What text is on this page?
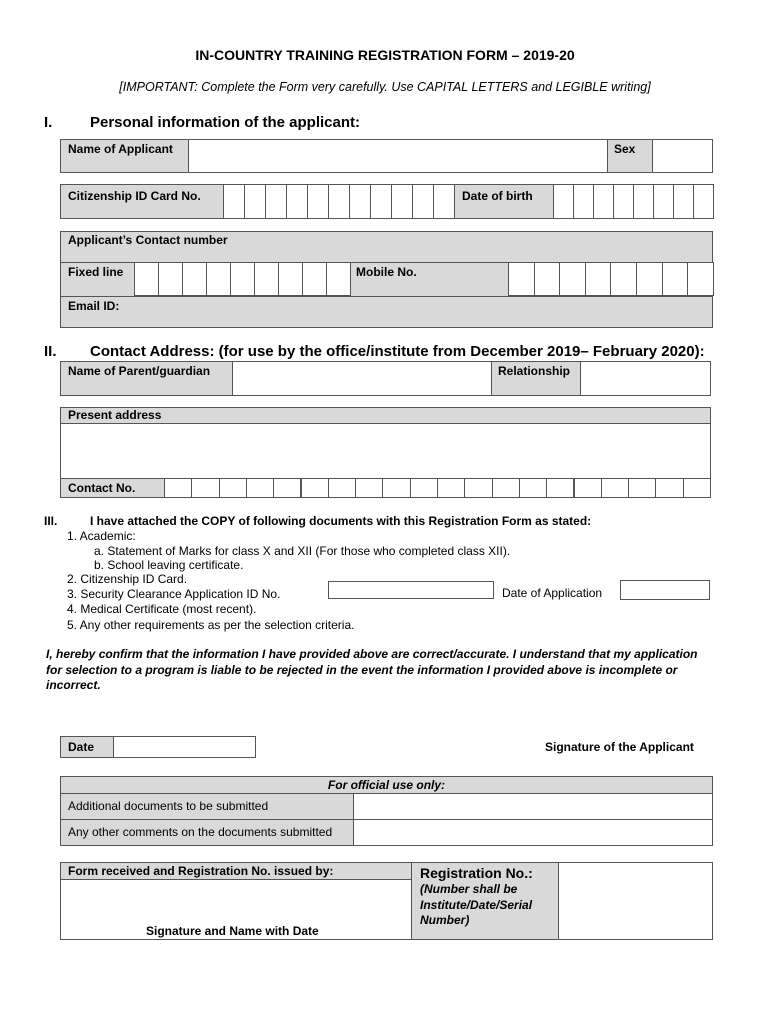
IN-COUNTRY TRAINING REGISTRATION FORM – 2019-20
[IMPORTANT: Complete the Form very carefully. Use CAPITAL LETTERS and LEGIBLE writing]
I.	Personal information of the applicant:
Name of Applicant	Sex
Citizenship ID Card No.	Date of birth
Applicant’s Contact number
Fixed line	Mobile No.
Email ID:
II. Contact Address: (for use by the office/institute from December 2019– February 2020):
Name of Parent/guardian	Relationship
Present address
Contact No.
III.	I have attached the COPY of following documents with this Registration Form as stated:
1. Academic:
a. Statement of Marks for class X and XII (For those who completed class XII).
b. School leaving certificate.
2. Citizenship ID Card.
3. Security Clearance Application ID No.	Date of Application
4. Medical Certificate (most recent).
5. Any other requirements as per the selection criteria.
I, hereby confirm that the information I have provided above are correct/accurate. I understand that my application for selection to a program is liable to be rejected in the event the information I provided above is incomplete or incorrect.
Date	Signature of the Applicant
For official use only:
Additional documents to be submitted
Any other comments on the documents submitted
Form received and Registration No. issued by:
Signature and Name with Date
Registration No.:
(Number shall be Institute/Date/Serial Number)
